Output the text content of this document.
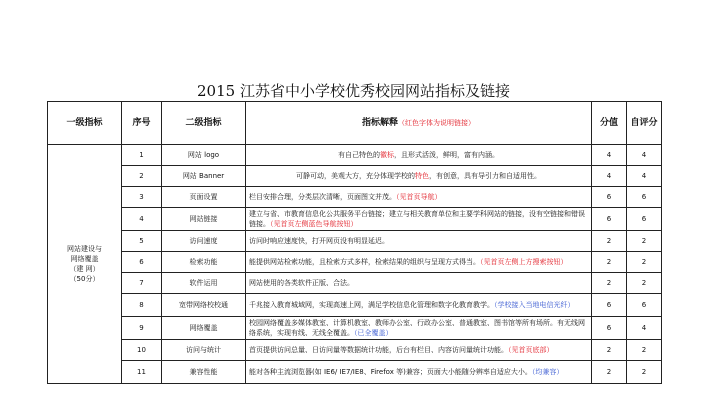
2015 江苏省中小学校优秀校园网站指标及链接
一级指标	序号	二级指标	指标解释（红色字体为说明链接）	分值	自评分

网站建设与
网络覆盖
（建 网）
（50分）	1	网站 logo	有自己特色的徽标，且形式活泼，鲜明，富有内涵。	4	4
	2	网站 Banner	可静可动，美观大方，充分体现学校的特色，有创意，具有导引力和自适用性。	4	4
	3	页面设置	栏目安排合理，分类层次清晰，页面图文并茂。（见首页导航）	6	6
	4	网站链接	建立与省、市教育信息化公共服务平台链接；建立与相关教育单位和主要学科网站的链接，没有空链接和错误链接。（见首页左侧蓝色导航按钮）	6	6
	5	访问速度	访问时响应速度快，打开网页没有明显延迟。	2	2
	6	检索功能	能提供网站检索功能，且检索方式多样，检索结果的组织与呈现方式得当。（见首页左侧上方搜索按钮）	2	2
	7	软件运用	网站使用的各类软件正版、合法。	2	2
	8	宽带网络校校通	千兆接入教育城域网，实现高速上网，满足学校信息化管理和数字化教育教学。（学校接入当地电信光纤）	6	6
	9	网络覆盖	校园网络覆盖多媒体教室、计算机教室、教师办公室、行政办公室、普通教室、图书馆等所有场所。有无线网络系统，实现有线、无线全覆盖。（已全覆盖）	6	4
	10	访问与统计	首页提供访问总量、日访问量等数据统计功能，后台有栏目、内容访问量统计功能。（见首页底部）	2	2
	11	兼容性能	能对各种主流浏览器(如 IE6/ IE7/IE8、Firefox 等)兼容；页面大小能随分辨率自适应大小。（均兼容）	2	2
